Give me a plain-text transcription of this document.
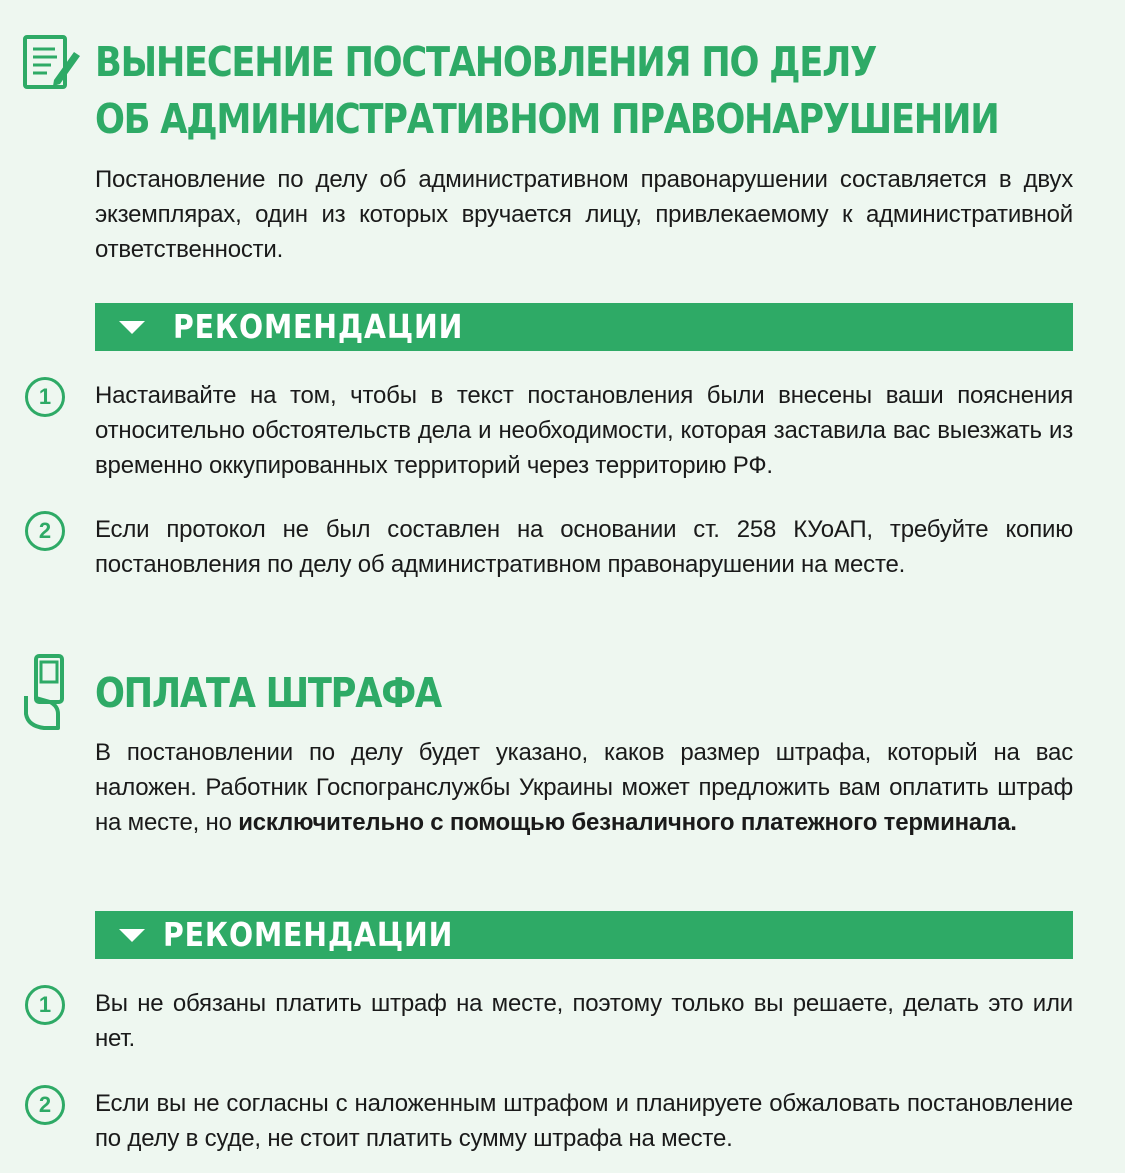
ВЫНЕСЕНИЕ ПОСТАНОВЛЕНИЯ ПО ДЕЛУ
ОБ АДМИНИСТРАТИВНОМ ПРАВОНАРУШЕНИИ

Постановление по делу об административном правонарушении составляется в двух экземплярах, один из которых вручается лицу, привлекаемому к административной ответственности.

РЕКОМЕНДАЦИИ
1	Настаивайте на том, чтобы в текст постановления были внесены ваши пояснения относительно обстоятельств дела и необходимости, которая заставила вас выезжать из временно оккупированных территорий через территорию РФ.

2	Если протокол не был составлен на основании ст. 258 КУоАП, требуйте копию постановления по делу об административном правонарушении на месте.

ОПЛАТА ШТРАФА

В постановлении по делу будет указано, каков размер штрафа, который на вас наложен. Работник Госпогранслужбы Украины может предложить вам оплатить штраф на месте, но исключительно с помощью безналичного платежного терминала.

РЕКОМЕНДАЦИИ
1	Вы не обязаны платить штраф на месте, поэтому только вы решаете, делать это или нет.

2	Если вы не согласны с наложенным штрафом и планируете обжаловать постановление по делу в суде, не стоит платить сумму штрафа на месте.
